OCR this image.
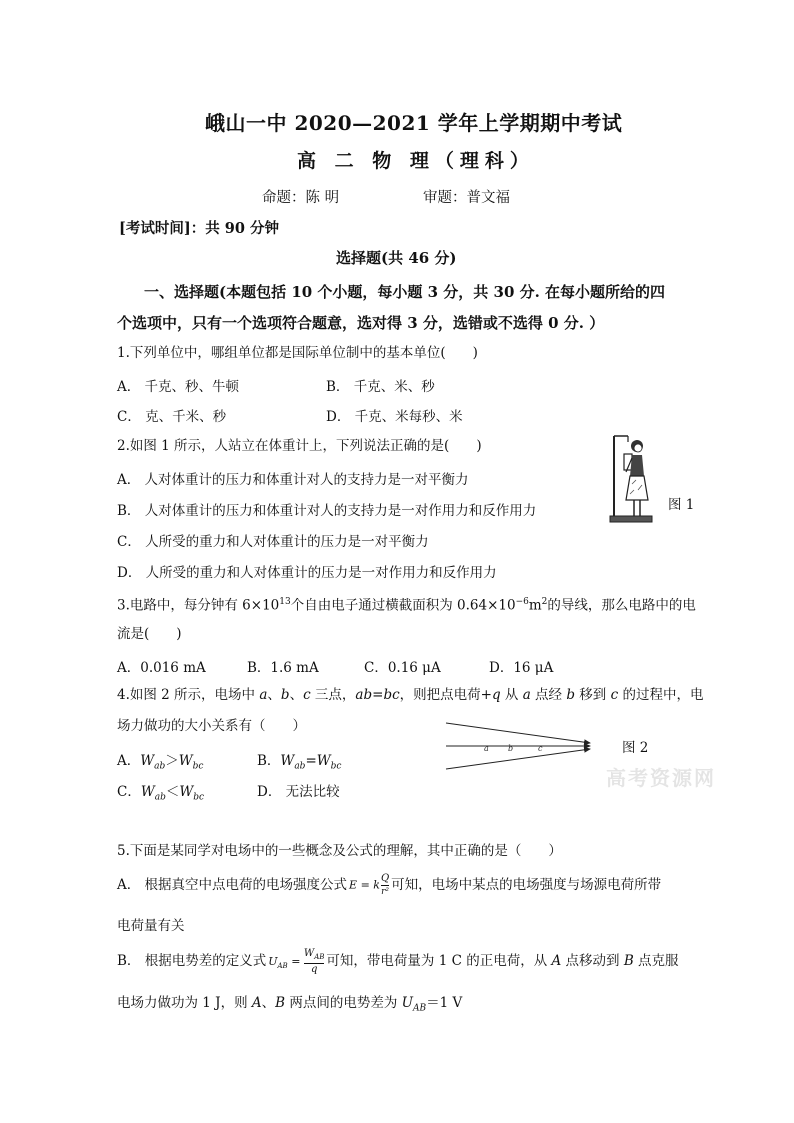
峨山一中 2020—2021 学年上学期期中考试
高 二 物 理（理科）
命题：陈 明	审题：普文福
[考试时间]：共 90 分钟
选择题(共 46 分)
一、选择题(本题包括 10 个小题，每小题 3 分，共 30 分. 在每小题所给的四
个选项中，只有一个选项符合题意，选对得 3 分，选错或不选得 0 分. ）
1.下列单位中，哪组单位都是国际单位制中的基本单位(　　)
A． 千克、秒、牛顿	B． 千克、米、秒
C． 克、千米、秒	D． 千克、米每秒、米
2.如图 1 所示，人站立在体重计上，下列说法正确的是(　　)
A． 人对体重计的压力和体重计对人的支持力是一对平衡力
B． 人对体重计的压力和体重计对人的支持力是一对作用力和反作用力
C． 人所受的重力和人对体重计的压力是一对平衡力
D． 人所受的重力和人对体重计的压力是一对作用力和反作用力
图 1
3.电路中，每分钟有 $6\times 10^{13}$个自由电子通过横截面积为 $0.64\times 10^{-6}m^2$的导线，那么电路中的电
流是(　　)
A．0.016 mA	B．1.6 mA	C．0.16 μA	D．16 μA
4.如图 2 所示，电场中 a、b、c 三点，ab=bc，则把点电荷+q 从 a 点经 b 移到 c 的过程中，电
场力做功的大小关系有（　　）
A．$W_{ab}>W_{bc}$	B．$W_{ab}=W_{bc}$
C．$W_{ab}<W_{bc}$	D． 无法比较
a b	c	图 2
高考资源网
5.下面是某同学对电场中的一些概念及公式的理解，其中正确的是（　　）
A． 根据真空中点电荷的电场强度公式 E = k $\frac{Q}{\text{r²}}$ 可知，电场中某点的电场强度与场源电荷所带
电荷量有关
B． 根据电势差的定义式 $U_{AB}$ =
$W_{AB}$
q 可知，带电荷量为 1 C 的正电荷，从 A 点移动到 B 点克服
电场力做功为 1 J，则 A、B 两点间的电势差为 $U_{AB}=1$ V
